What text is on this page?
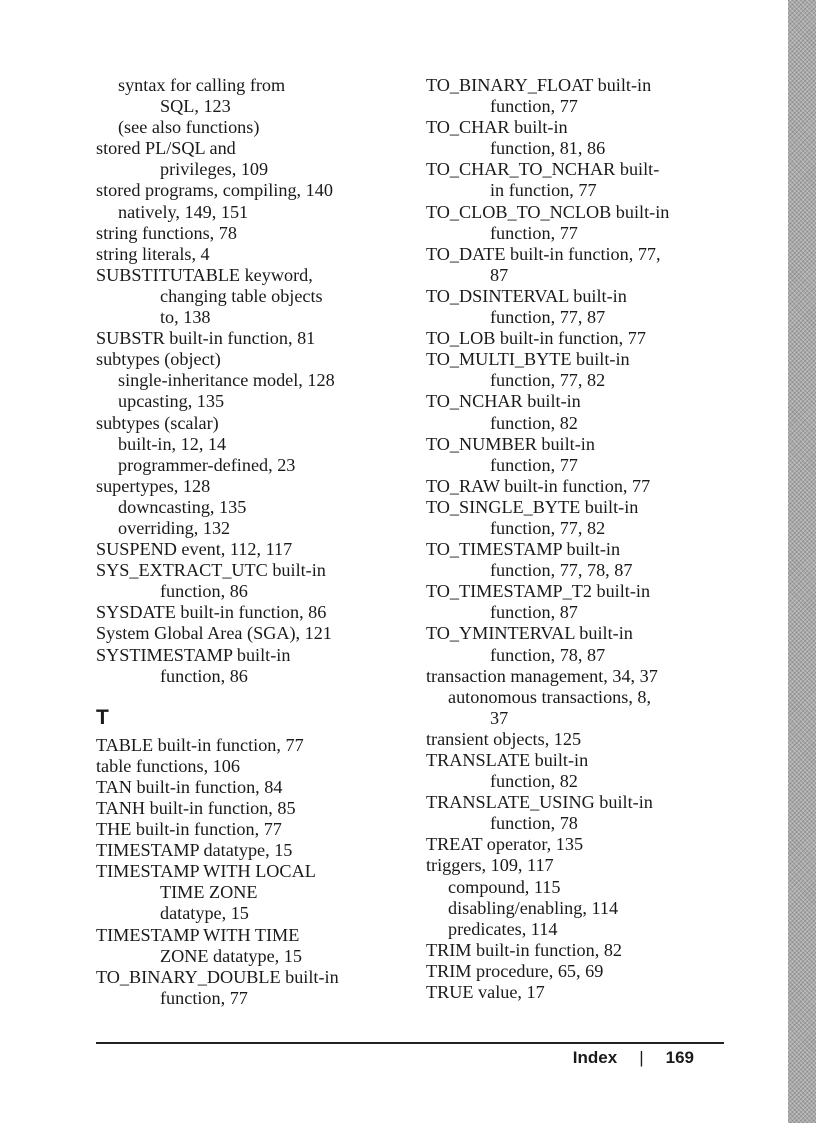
syntax for calling from
SQL, 123
(see also functions)
stored PL/SQL and
privileges, 109
stored programs, compiling, 140
natively, 149, 151
string functions, 78
string literals, 4
SUBSTITUTABLE keyword,
changing table objects
to, 138
SUBSTR built-in function, 81
subtypes (object)
single-inheritance model, 128
upcasting, 135
subtypes (scalar)
built-in, 12, 14
programmer-defined, 23
supertypes, 128
downcasting, 135
overriding, 132
SUSPEND event, 112, 117
SYS_EXTRACT_UTC built-in
function, 86
SYSDATE built-in function, 86
System Global Area (SGA), 121
SYSTIMESTAMP built-in
function, 86
T
TABLE built-in function, 77
table functions, 106
TAN built-in function, 84
TANH built-in function, 85
THE built-in function, 77
TIMESTAMP datatype, 15
TIMESTAMP WITH LOCAL
TIME ZONE
datatype, 15
TIMESTAMP WITH TIME
ZONE datatype, 15
TO_BINARY_DOUBLE built-in
function, 77
TO_BINARY_FLOAT built-in
function, 77
TO_CHAR built-in
function, 81, 86
TO_CHAR_TO_NCHAR built-
in function, 77
TO_CLOB_TO_NCLOB built-in
function, 77
TO_DATE built-in function, 77,
87
TO_DSINTERVAL built-in
function, 77, 87
TO_LOB built-in function, 77
TO_MULTI_BYTE built-in
function, 77, 82
TO_NCHAR built-in
function, 82
TO_NUMBER built-in
function, 77
TO_RAW built-in function, 77
TO_SINGLE_BYTE built-in
function, 77, 82
TO_TIMESTAMP built-in
function, 77, 78, 87
TO_TIMESTAMP_T2 built-in
function, 87
TO_YMINTERVAL built-in
function, 78, 87
transaction management, 34, 37
autonomous transactions, 8,
37
transient objects, 125
TRANSLATE built-in
function, 82
TRANSLATE_USING built-in
function, 78
TREAT operator, 135
triggers, 109, 117
compound, 115
disabling/enabling, 114
predicates, 114
TRIM built-in function, 82
TRIM procedure, 65, 69
TRUE value, 17
Index | 169
